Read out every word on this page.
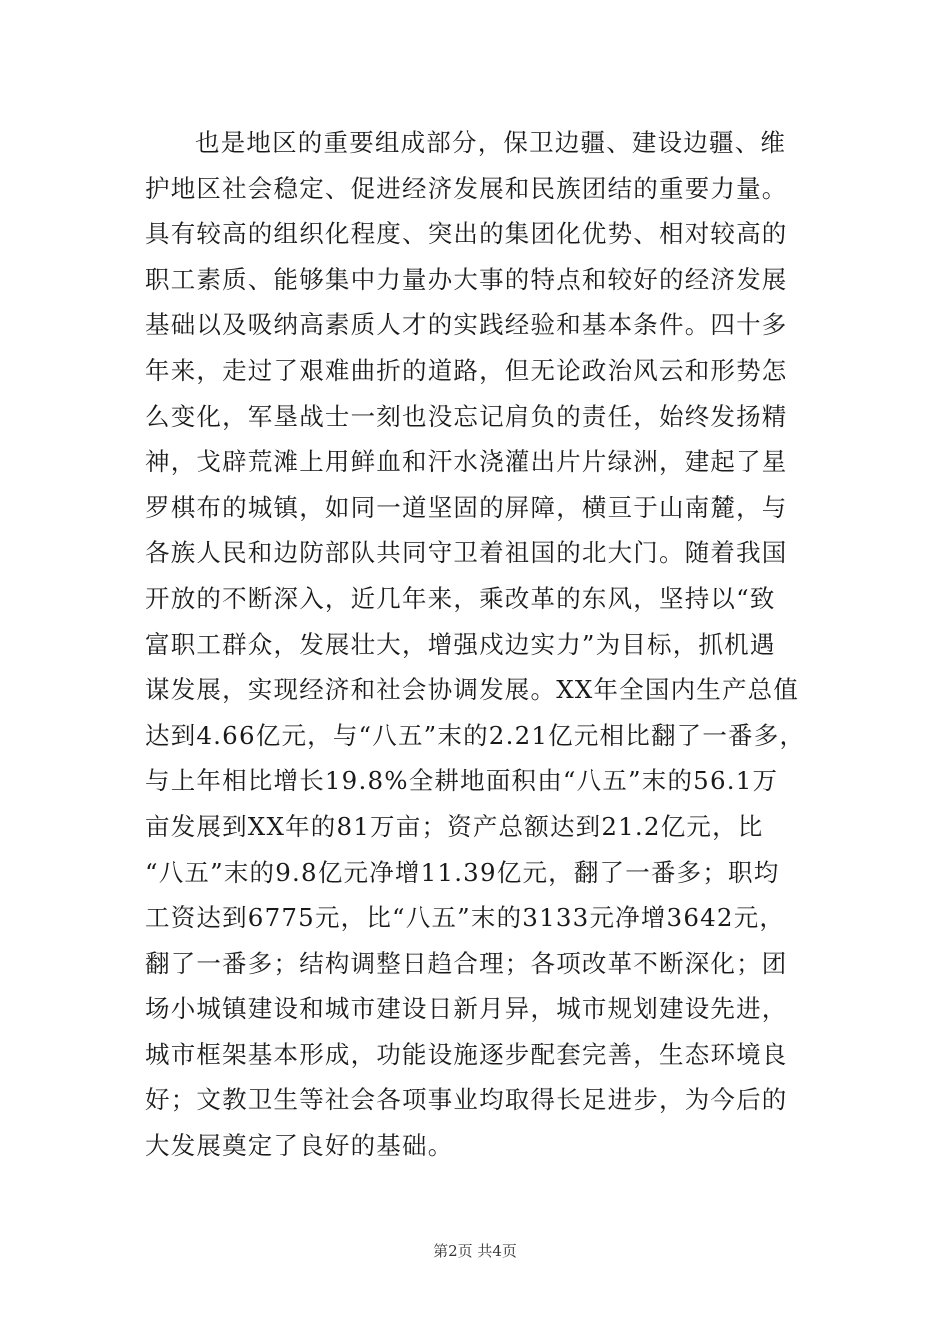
也是地区的重要组成部分，保卫边疆、建设边疆、维
护地区社会稳定、促进经济发展和民族团结的重要力量。
具有较高的组织化程度、突出的集团化优势、相对较高的
职工素质、能够集中力量办大事的特点和较好的经济发展
基础以及吸纳高素质人才的实践经验和基本条件。四十多
年来，走过了艰难曲折的道路，但无论政治风云和形势怎
么变化，军垦战士一刻也没忘记肩负的责任，始终发扬精
神，戈辟荒滩上用鲜血和汗水浇灌出片片绿洲，建起了星
罗棋布的城镇，如同一道坚固的屏障，横亘于山南麓，与
各族人民和边防部队共同守卫着祖国的北大门。随着我国
开放的不断深入，近几年来，乘改革的东风，坚持以“致
富职工群众，发展壮大，增强戍边实力”为目标，抓机遇
谋发展，实现经济和社会协调发展。XX年全国内生产总值
达到4.66亿元，与“八五”末的2.21亿元相比翻了一番多，
与上年相比增长19.8%全耕地面积由“八五”末的56.1万
亩发展到XX年的81万亩；资产总额达到21.2亿元，比
“八五”末的9.8亿元净增11.39亿元，翻了一番多；职均
工资达到6775元，比“八五”末的3133元净增3642元，
翻了一番多；结构调整日趋合理；各项改革不断深化；团
场小城镇建设和城市建设日新月异，城市规划建设先进，
城市框架基本形成，功能设施逐步配套完善，生态环境良
好；文教卫生等社会各项事业均取得长足进步，为今后的
大发展奠定了良好的基础。
第2页 共4页
